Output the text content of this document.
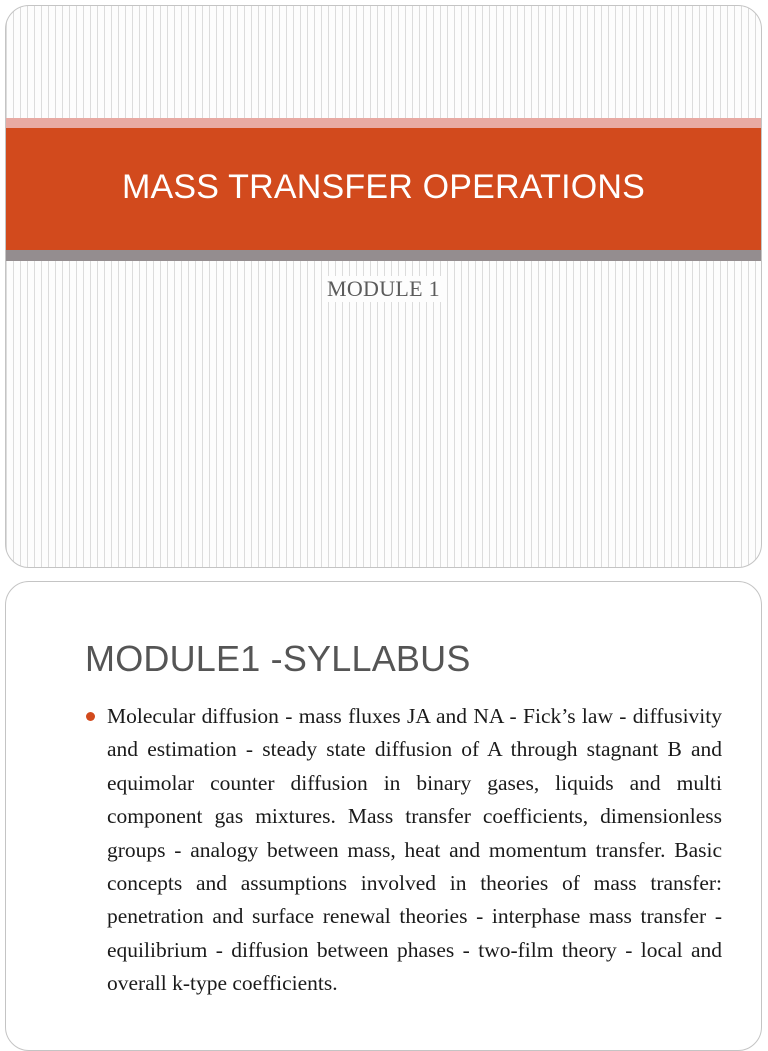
MASS TRANSFER OPERATIONS
MODULE 1
MODULE1 -SYLLABUS

Molecular diffusion - mass fluxes JA and NA - Fick’s law - diffusivity and estimation - steady state diffusion of A through stagnant B and equimolar counter diffusion in binary gases, liquids and multi component gas mixtures. Mass transfer coefficients, dimensionless groups - analogy between mass, heat and momentum transfer. Basic concepts and assumptions involved in theories of mass transfer: penetration and surface renewal theories - interphase mass transfer - equilibrium - diffusion between phases - two-film theory - local and overall k-type coefficients.
